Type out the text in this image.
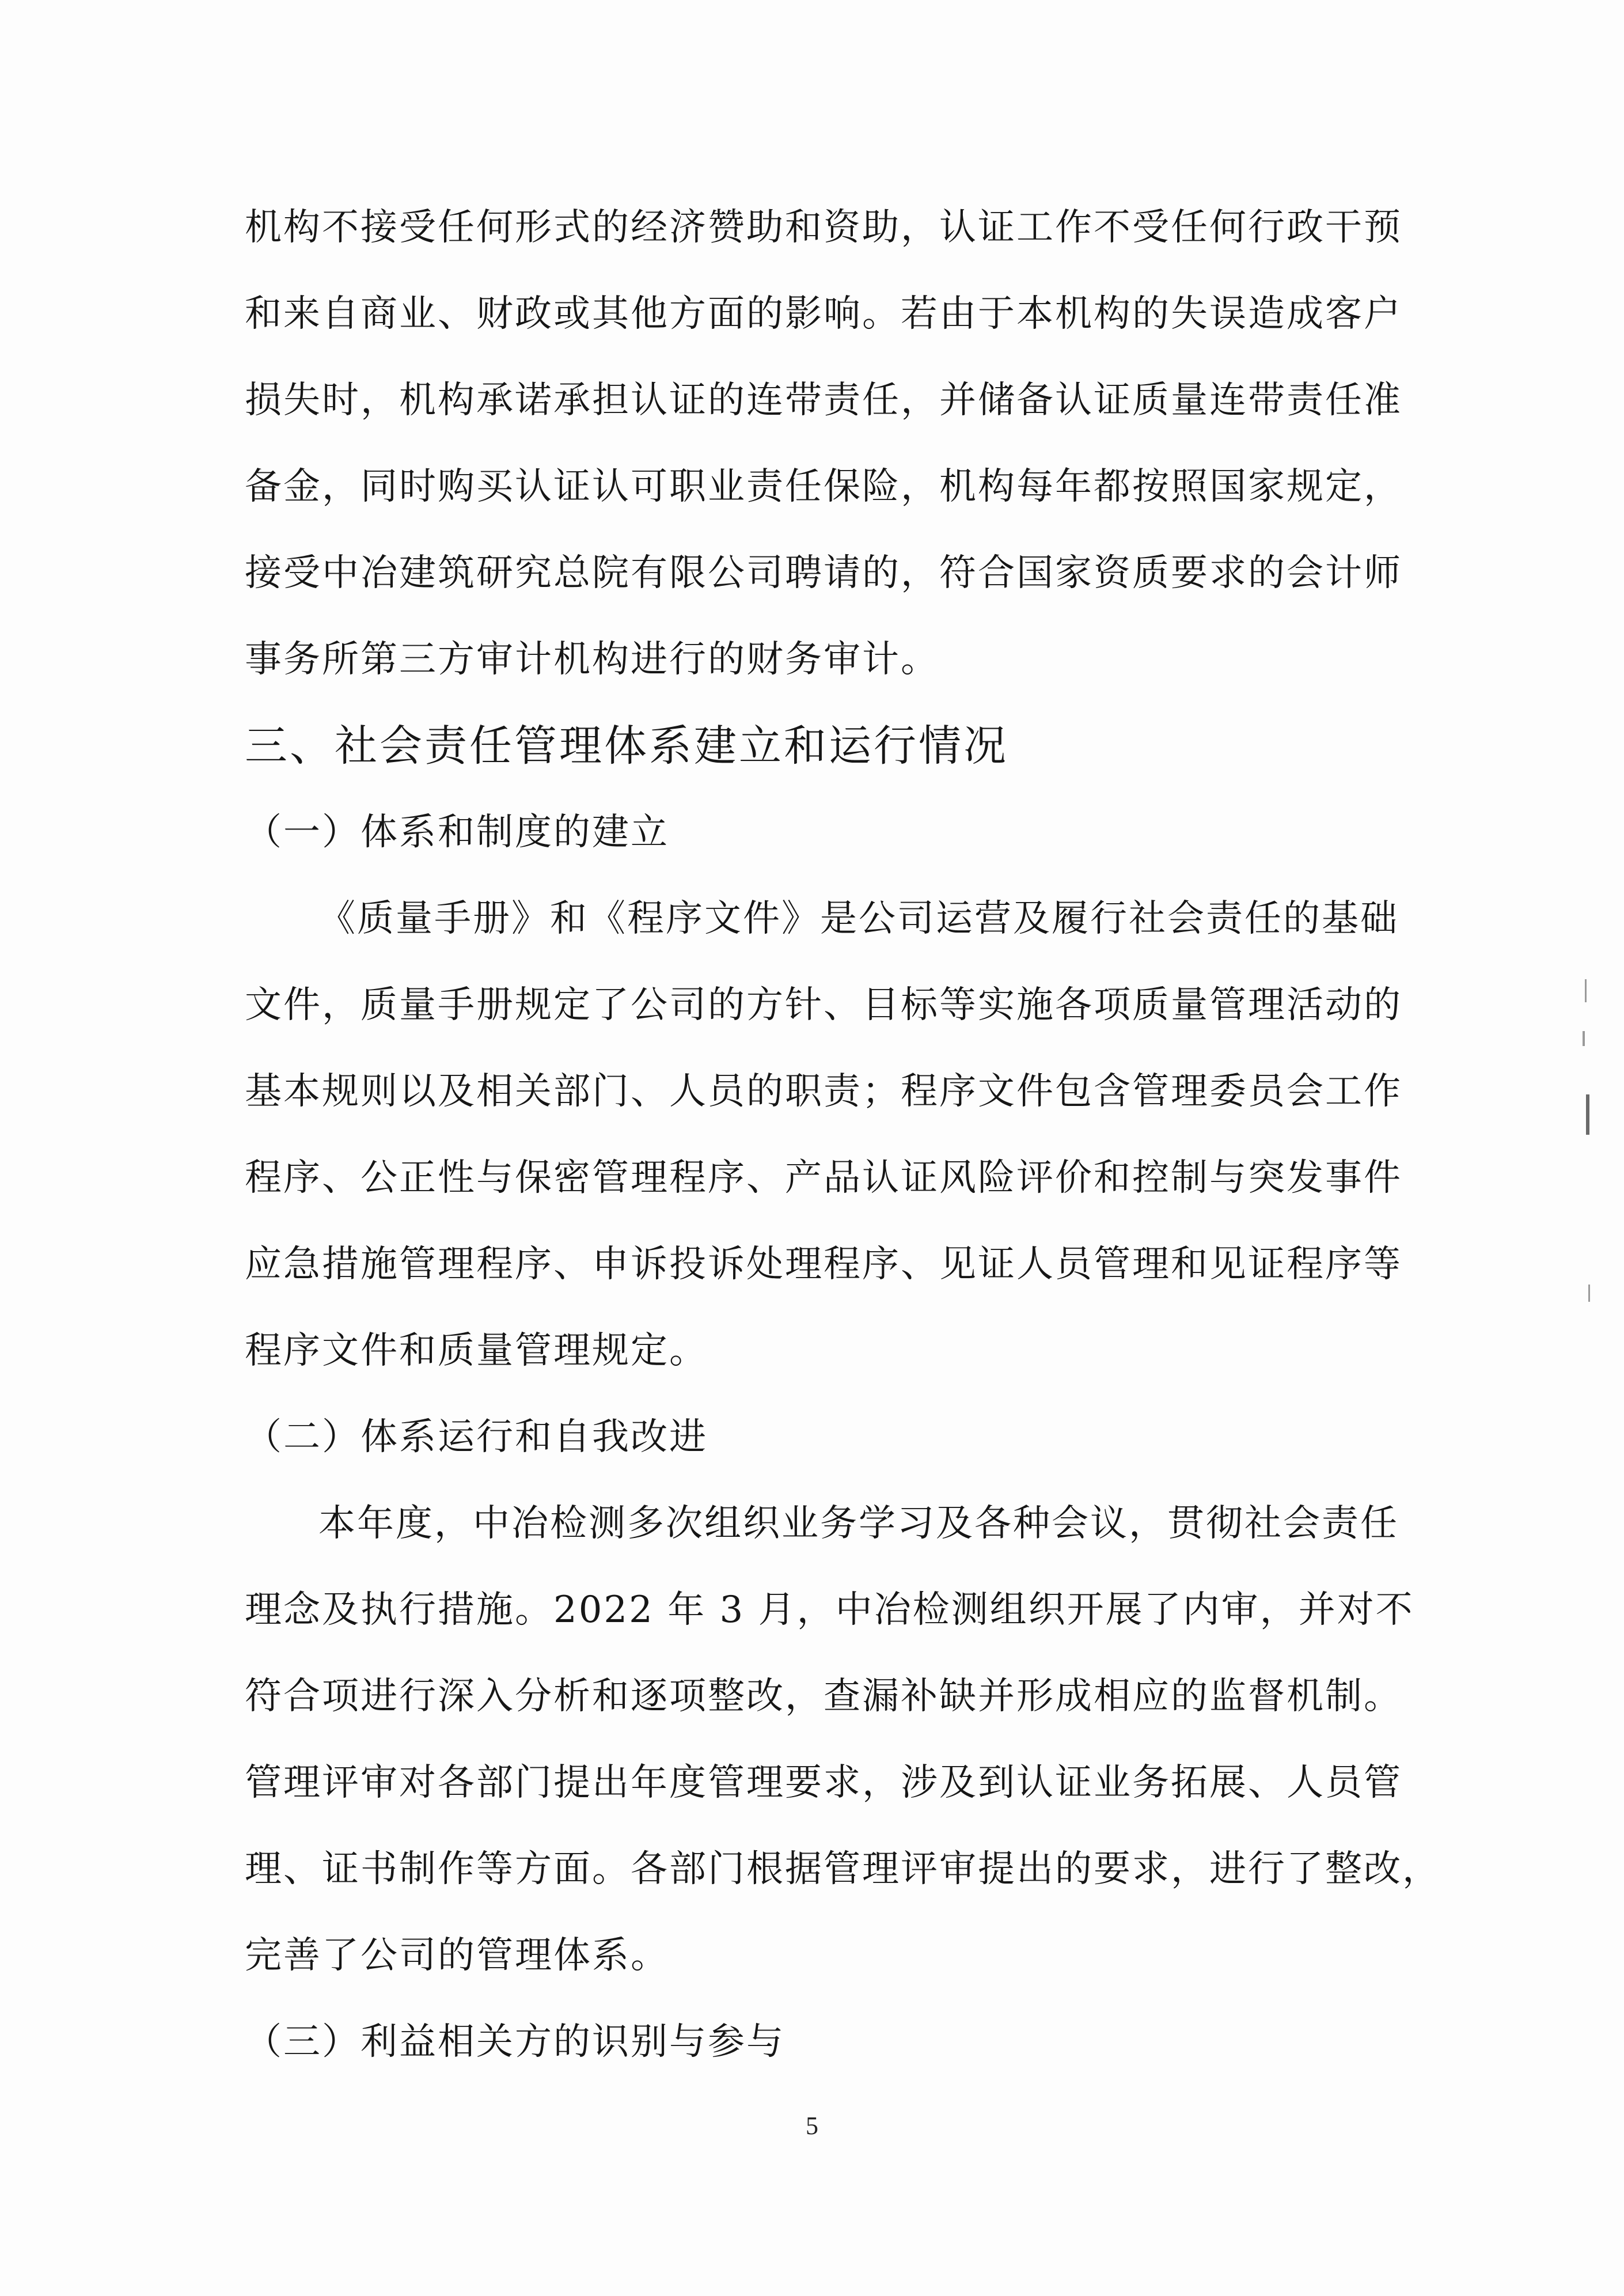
机构不接受任何形式的经济赞助和资助，认证工作不受任何行政干预
和来自商业、财政或其他方面的影响。若由于本机构的失误造成客户
损失时，机构承诺承担认证的连带责任，并储备认证质量连带责任准
备金，同时购买认证认可职业责任保险，机构每年都按照国家规定，
接受中冶建筑研究总院有限公司聘请的，符合国家资质要求的会计师
事务所第三方审计机构进行的财务审计。
三、社会责任管理体系建立和运行情况
（一）体系和制度的建立
《质量手册》和《程序文件》是公司运营及履行社会责任的基础
文件，质量手册规定了公司的方针、目标等实施各项质量管理活动的
基本规则以及相关部门、人员的职责；程序文件包含管理委员会工作
程序、公正性与保密管理程序、产品认证风险评价和控制与突发事件
应急措施管理程序、申诉投诉处理程序、见证人员管理和见证程序等
程序文件和质量管理规定。
（二）体系运行和自我改进
本年度，中冶检测多次组织业务学习及各种会议，贯彻社会责任
理念及执行措施。2022 年 3 月，中冶检测组织开展了内审，并对不
符合项进行深入分析和逐项整改，查漏补缺并形成相应的监督机制。
管理评审对各部门提出年度管理要求，涉及到认证业务拓展、人员管
理、证书制作等方面。各部门根据管理评审提出的要求，进行了整改，
完善了公司的管理体系。
（三）利益相关方的识别与参与
5
